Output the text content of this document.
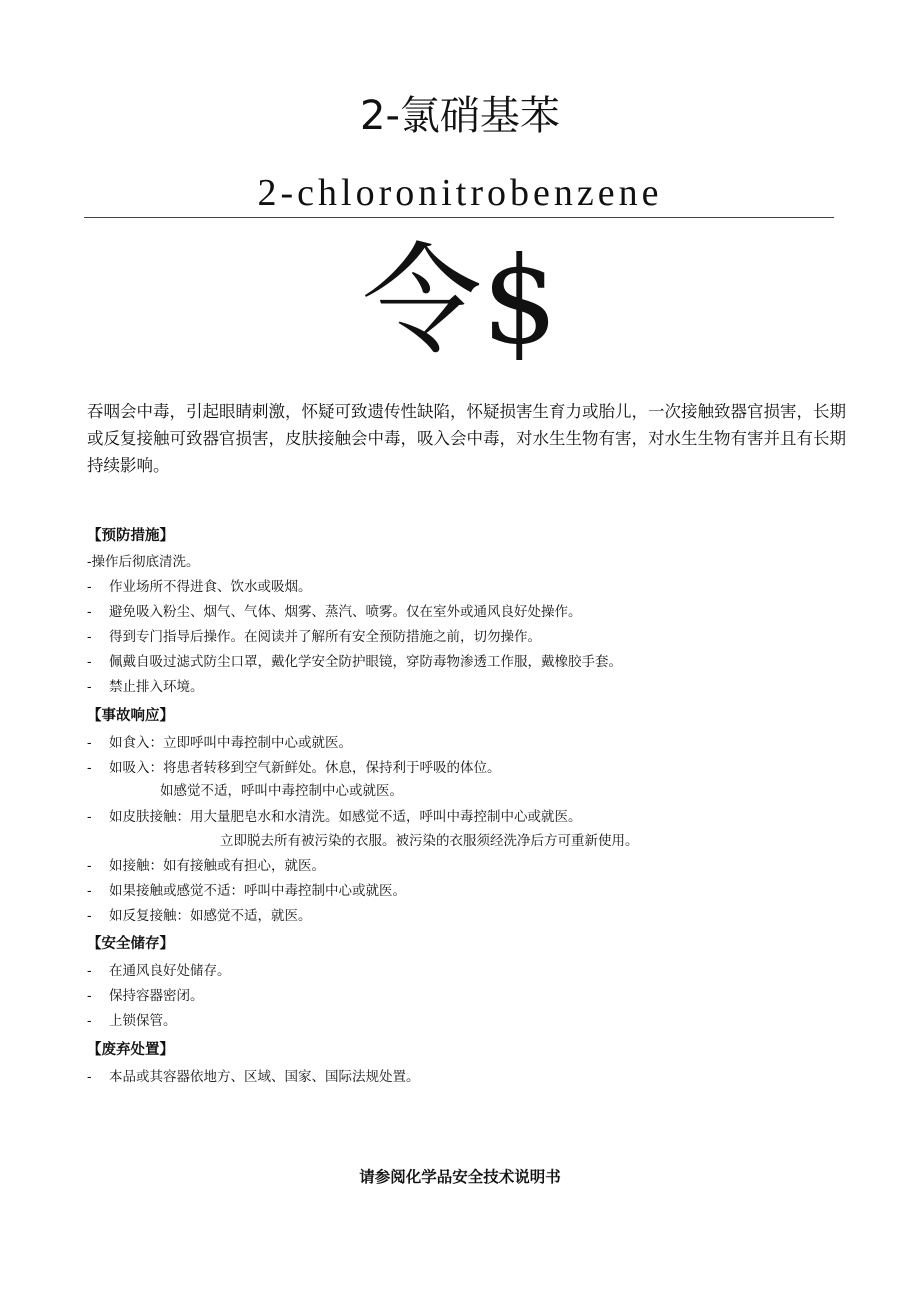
2-氯硝基苯
2-chloronitrobenzene
令$
吞咽会中毒，引起眼睛刺激，怀疑可致遗传性缺陷，怀疑损害生育力或胎儿，一次接触致器官损害，长期或反复接触可致器官损害，皮肤接触会中毒，吸入会中毒，对水生生物有害，对水生生物有害并且有长期持续影响。
【预防措施】
-操作后彻底清洗。
- 作业场所不得进食、饮水或吸烟。
- 避免吸入粉尘、烟气、气体、烟雾、蒸汽、喷雾。仅在室外或通风良好处操作。
- 得到专门指导后操作。在阅读并了解所有安全预防措施之前，切勿操作。
- 佩戴自吸过滤式防尘口罩，戴化学安全防护眼镜，穿防毒物渗透工作服，戴橡胶手套。
- 禁止排入环境。
【事故响应】
- 如食入：立即呼叫中毒控制中心或就医。
- 如吸入：将患者转移到空气新鲜处。休息，保持利于呼吸的体位。
如感觉不适，呼叫中毒控制中心或就医。
- 如皮肤接触：用大量肥皂水和水清洗。如感觉不适，呼叫中毒控制中心或就医。
立即脱去所有被污染的衣服。被污染的衣服须经洗净后方可重新使用。
- 如接触：如有接触或有担心，就医。
- 如果接触或感觉不适：呼叫中毒控制中心或就医。
- 如反复接触：如感觉不适，就医。
【安全储存】
- 在通风良好处储存。
- 保持容器密闭。
- 上锁保管。
【废弃处置】
- 本品或其容器依地方、区域、国家、国际法规处置。
请参阅化学品安全技术说明书
